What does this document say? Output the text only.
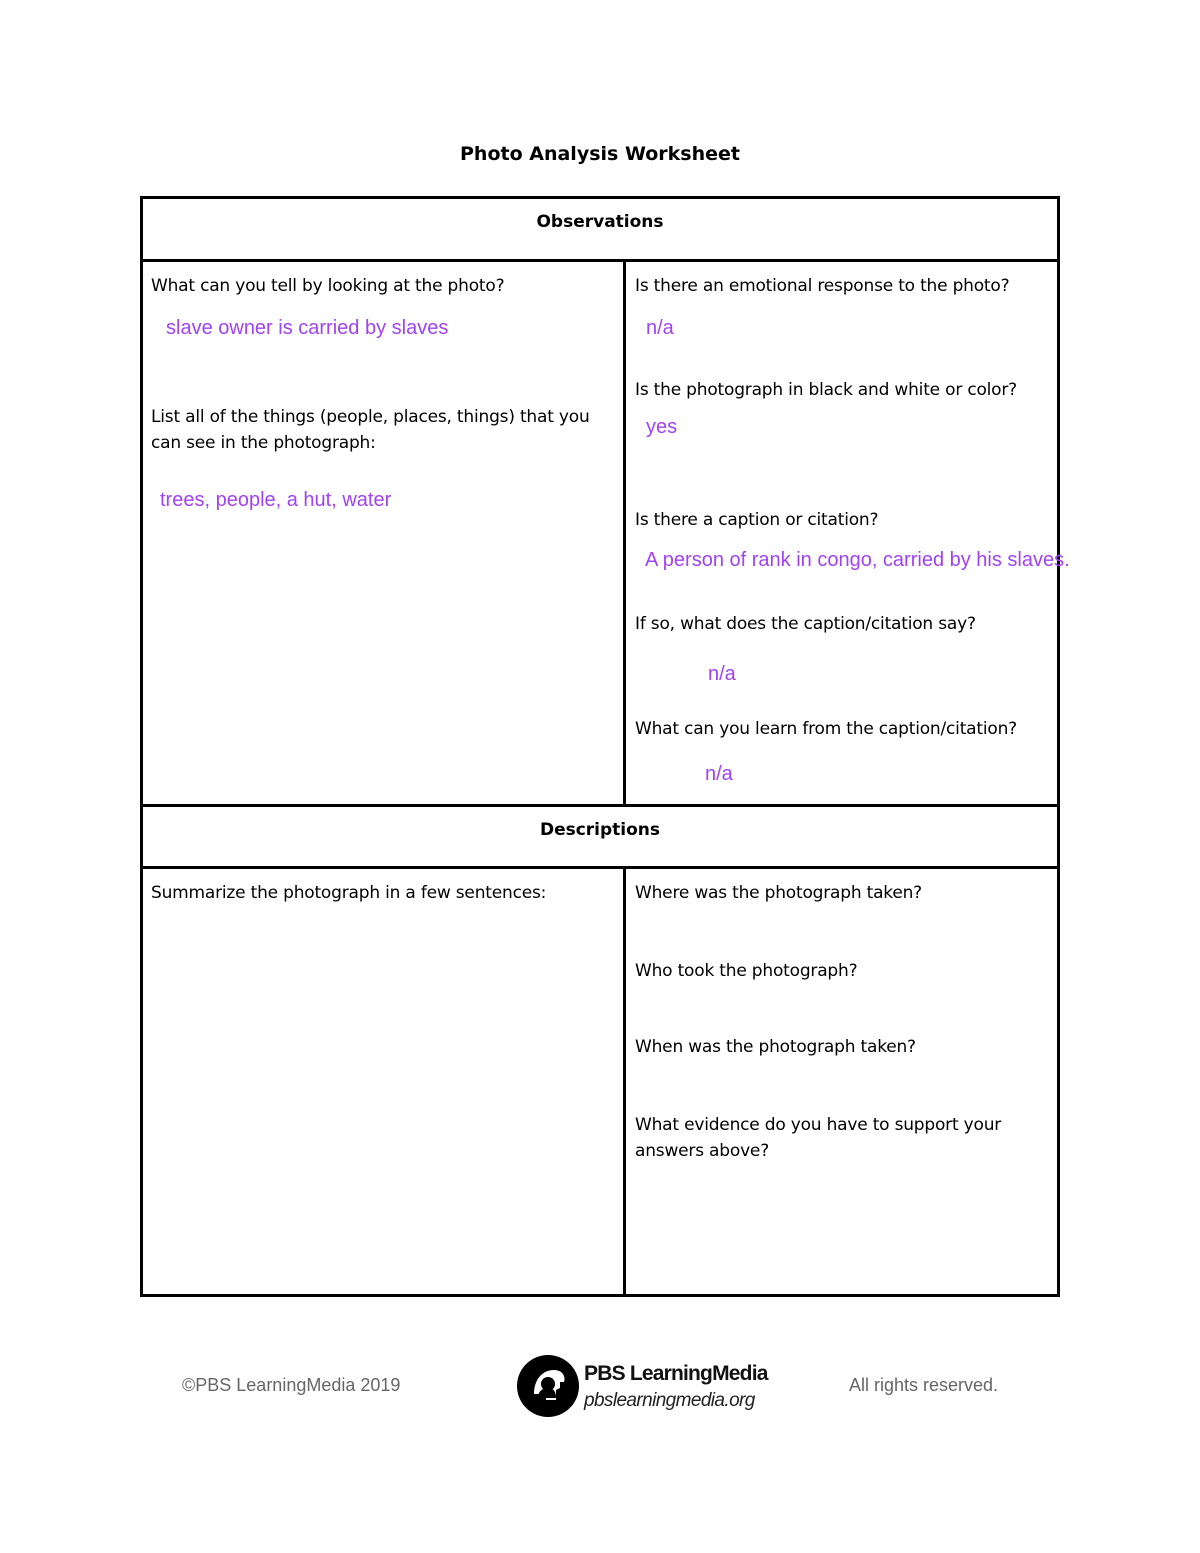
Photo Analysis Worksheet
Observations
What can you tell by looking at the photo?
slave owner is carried by slaves
List all of the things (people, places, things) that you can see in the photograph:
trees, people, a hut, water
Is there an emotional response to the photo?
n/a
Is the photograph in black and white or color?
yes
Is there a caption or citation?
A person of rank in congo, carried by his slaves.
If so, what does the caption/citation say?
n/a
What can you learn from the caption/citation?
n/a
Descriptions
Summarize the photograph in a few sentences:	Where was the photograph taken?
Who took the photograph?
When was the photograph taken?
What evidence do you have to support your answers above?
©PBS LearningMedia 2019	PBS LearningMedia
pbslearningmedia.org
All rights reserved.
